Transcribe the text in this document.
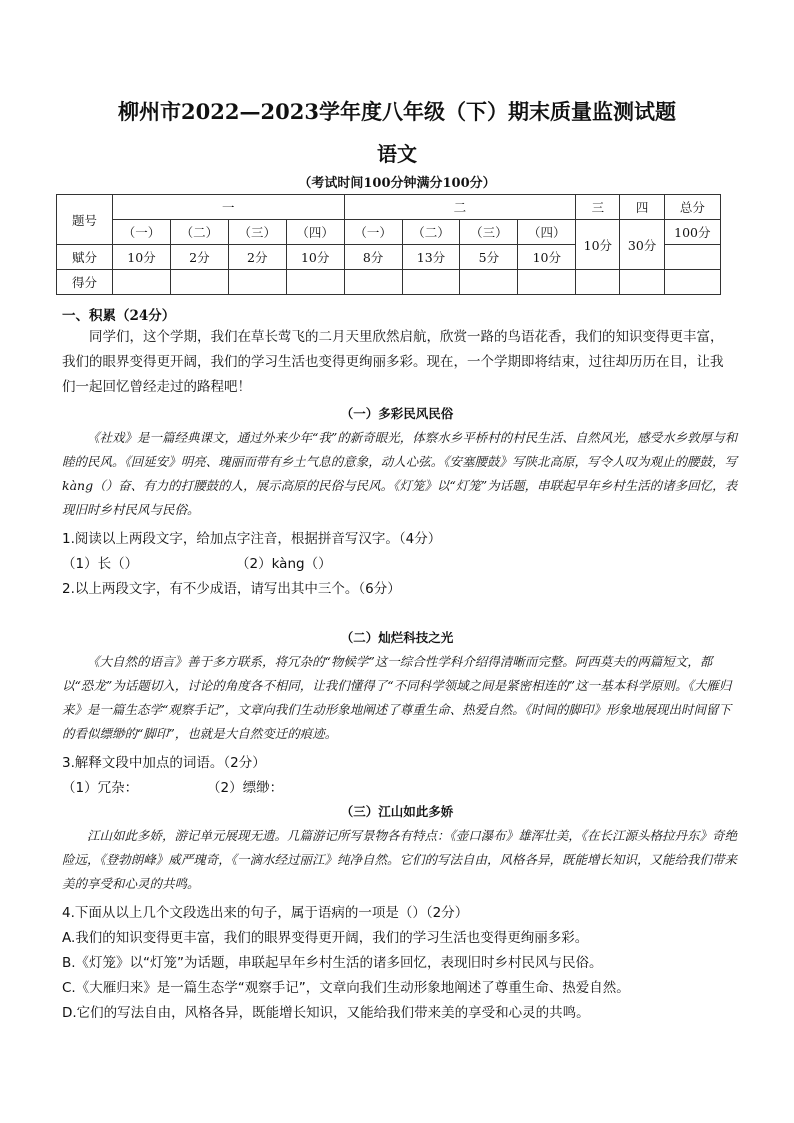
柳州市2022—2023学年度八年级（下）期末质量监测试题
语文
（考试时间100分钟满分100分）
题号	一				二				三	四	总分
	（一）	（二）	（三）	（四）	（一）	（二）	（三）	（四）	10分	30分	100分
赋分	10分	2分	2分	10分	8分	13分	5分	10分			
得分											
一、积累（24分）
同学们，这个学期，我们在草长莺飞的二月天里欣然启航，欣赏一路的鸟语花香，我们的知识变得更丰富，我们的眼界变得更开阔，我们的学习生活也变得更绚丽多彩。现在，一个学期即将结束，过往却历历在目，让我们一起回忆曾经走过的路程吧！
（一）多彩民风民俗
《社戏》是一篇经典课文，通过外来少年“我”的新奇眼光，体察水乡平桥村的村民生活、自然风光，感受水乡敦厚与和睦的民风。《回延安》明亮、瑰丽而带有乡土气息的意象，动人心弦。《安塞腰鼓》写陕北高原，写令人叹为观止的腰鼓，写kàng（）奋、有力的打腰鼓的人，展示高原的民俗与民风。《灯笼》以“灯笼”为话题，串联起早年乡村生活的诸多回忆，表现旧时乡村民风与民俗。
1.阅读以上两段文字，给加点字注音，根据拼音写汉字。（4分）
（1）长（）	（2）kàng（）
2.以上两段文字，有不少成语，请写出其中三个。（6分）
（二）灿烂科技之光
《大自然的语言》善于多方联系，将冗杂的“物候学”这一综合性学科介绍得清晰而完整。阿西莫夫的两篇短文，都以“恐龙”为话题切入，讨论的角度各不相同，让我们懂得了“不同科学领域之间是紧密相连的”这一基本科学原则。《大雁归来》是一篇生态学“观察手记”，文章向我们生动形象地阐述了尊重生命、热爱自然。《时间的脚印》形象地展现出时间留下的看似缥缈的“脚印”，也就是大自然变迁的痕迹。
3.解释文段中加点的词语。（2分）
（1）冗杂：	（2）缥缈：
（三）江山如此多娇
江山如此多娇，游记单元展现无遗。几篇游记所写景物各有特点：《壶口瀑布》雄浑壮美，《在长江源头格拉丹东》奇绝险远，《登勃朗峰》威严瑰奇，《一滴水经过丽江》纯净自然。它们的写法自由，风格各异，既能增长知识，又能给我们带来美的享受和心灵的共鸣。
4.下面从以上几个文段选出来的句子，属于语病的一项是（）（2分）
A.我们的知识变得更丰富，我们的眼界变得更开阔，我们的学习生活也变得更绚丽多彩。
B.《灯笼》以“灯笼”为话题，串联起早年乡村生活的诸多回忆，表现旧时乡村民风与民俗。
C.《大雁归来》是一篇生态学“观察手记”，文章向我们生动形象地阐述了尊重生命、热爱自然。
D.它们的写法自由，风格各异，既能增长知识，又能给我们带来美的享受和心灵的共鸣。
